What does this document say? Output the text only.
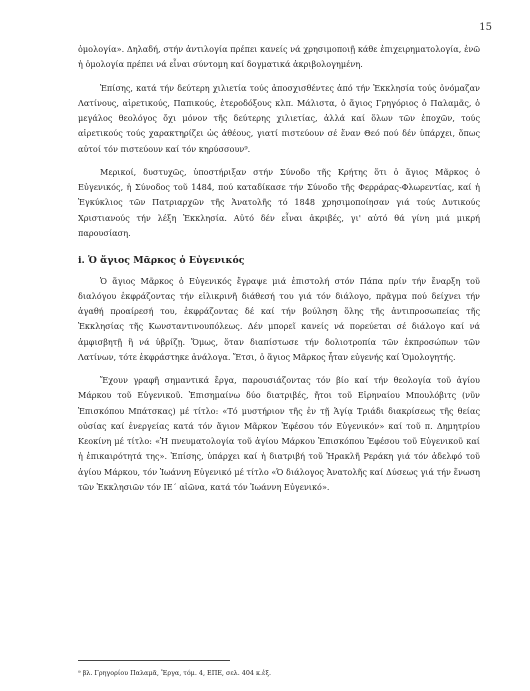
15

ὁμολογία». Δηλαδή, στήν ἀντιλογία πρέπει κανείς νά χρησιμοποιῇ κάθε ἐπιχειρηματολογία, ἐνῶ ἡ ὁμολογία πρέπει νά εἶναι σύντομη καί δογματικά ἀκριβολογημένη.

Ἐπίσης, κατά τήν δεύτερη χιλιετία τούς ἀποσχισθέντες ἀπό τήν Ἐκκλησία τούς ὀνόμαζαν Λατίνους, αἱρετικούς, Παπικούς, ἑτεροδόξους κλπ. Μάλιστα, ὁ ἅγιος Γρηγόριος ὁ Παλαμᾶς, ὁ μεγάλος θεολόγος ὄχι μόνον τῆς δεύτερης χιλιετίας, ἀλλά καί ὅλων τῶν ἐποχῶν, τούς αἱρετικούς τούς χαρακτηρίζει ὡς ἀθέους, γιατί πιστεύουν σέ ἕναν Θεό πού δέν ὑπάρχει, ὅπως αὐτοί τόν πιστεύουν καί τόν κηρύσσουν⁹.

Μερικοί, δυστυχῶς, ὑποστήριξαν στήν Σύνοδο τῆς Κρήτης ὅτι ὁ ἅγιος Μᾶρκος ὁ Εὐγενικός, ἡ Σύνοδος τοῦ 1484, πού καταδίκασε τήν Σύνοδο τῆς Φερράρας-Φλωρεντίας, καί ἡ Ἐγκύκλιος τῶν Πατριαρχῶν τῆς Ἀνατολῆς τό 1848 χρησιμοποίησαν γιά τούς Δυτικούς Χριστιανούς τήν λέξη Ἐκκλησία. Αὐτό δέν εἶναι ἀκριβές, γι' αὐτό θά γίνη μιά μικρή παρουσίαση.

i. Ὁ ἅγιος Μᾶρκος ὁ Εὐγενικός

Ὁ ἅγιος Μᾶρκος ὁ Εὐγενικός ἔγραψε μιά ἐπιστολή στόν Πάπα πρίν τήν ἔναρξη τοῦ διαλόγου ἐκφράζοντας τήν εἰλικρινῆ διάθεσή του γιά τόν διάλογο, πρᾶγμα πού δείχνει τήν ἀγαθή προαίρεσή του, ἐκφράζοντας δέ καί τήν βούληση ὅλης τῆς ἀντιπροσωπείας τῆς Ἐκκλησίας τῆς Κωνσταντινουπόλεως. Δέν μπορεῖ κανείς νά πορεύεται σέ διάλογο καί νά ἀμφισβητῇ ἢ νά ὑβρίζῃ. Ὅμως, ὅταν διαπίστωσε τήν δολιοτροπία τῶν ἐκπροσώπων τῶν Λατίνων, τότε ἐκφράστηκε ἀνάλογα. Ἔτσι, ὁ ἅγιος Μᾶρκος ἦταν εὐγενής καί Ὁμολογητής.

Ἔχουν γραφῆ σημαντικά ἔργα, παρουσιάζοντας τόν βίο καί τήν θεολογία τοῦ ἁγίου Μάρκου τοῦ Εὐγενικοῦ. Ἐπισημαίνω δύο διατριβές, ἤτοι τοῦ Εἰρηναίου Μπουλόβιτς (νῦν Ἐπισκόπου Μπάτσκας) μέ τίτλο: «Τό μυστήριον τῆς ἐν τῇ Ἁγίᾳ Τριάδι διακρίσεως τῆς θείας οὐσίας καί ἐνεργείας κατά τόν ἅγιον Μᾶρκον Ἐφέσου τόν Εὐγενικόν» καί τοῦ π. Δημητρίου Κεοκίνη μέ τίτλο: «Ἡ πνευματολογία τοῦ ἁγίου Μάρκου Ἐπισκόπου Ἐφέσου τοῦ Εὐγενικοῦ καί ἡ ἐπικαιρότητά της». Ἐπίσης, ὑπάρχει καί ἡ διατριβή τοῦ Ἡρακλῆ Ρεράκη γιά τόν ἀδελφό τοῦ ἁγίου Μάρκου, τόν Ἰωάννη Εὐγενικό μέ τίτλο «Ὁ διάλογος Ἀνατολῆς καί Δύσεως γιά τήν ἕνωση τῶν Ἐκκλησιῶν τόν ΙΕ΄ αἰῶνα, κατά τόν Ἰωάννη Εὐγενικό».

⁹ βλ. Γρηγορίου Παλαμᾶ, Ἔργα, τόμ. 4, ΕΠΕ, σελ. 404 κ.ἑξ.
